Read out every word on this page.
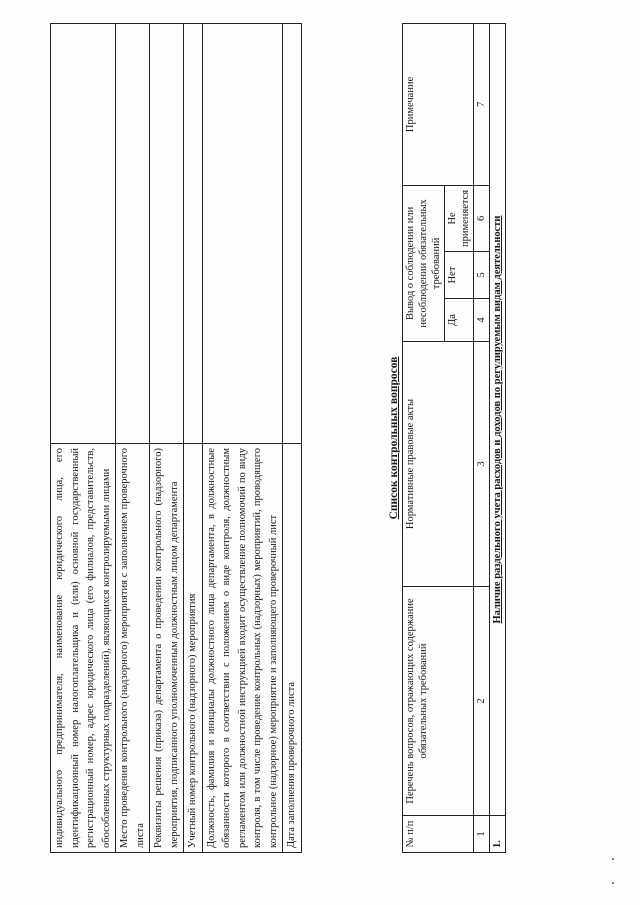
индивидуального предпринимателя, наименование юридического лица, его идентификационный номер налогоплательщика и (или) основной государственный регистрационный номер, адрес юридического лица (его филиалов, представительств, обособленных структурных подразделений), являющихся контролируемыми лицами	
Место проведения контрольного (надзорного) мероприятия с заполнением проверочного листа	
Реквизиты решения (приказа) департамента о проведении контрольного (надзорного) мероприятия, подписанного уполномоченным должностным лицом департамента	
Учетный номер контрольного (надзорного) мероприятия	
Должность, фамилия и инициалы должностного лица департамента, в должностные обязанности которого в соответствии с положением о виде контроля, должностным регламентом или должностной инструкцией входит осуществление полномочий по виду контроля, в том числе проведение контрольных (надзорных) мероприятий, проводящего контрольное (надзорное) мероприятие и заполняющего проверочный лист	
Дата заполнения проверочного листа	
Список контрольных вопросов
№ п/п	Перечень вопросов, отражающих содержание обязательных требований	Нормативные правовые акты	Вывод о соблюдении или несоблюдении обязательных требований			Примечание
			Да	Нет	Не применяется	
1	2	3	4	5	6	7
1.	Наличие раздельного учета расходов и доходов по регулируемым видам деятельности					
